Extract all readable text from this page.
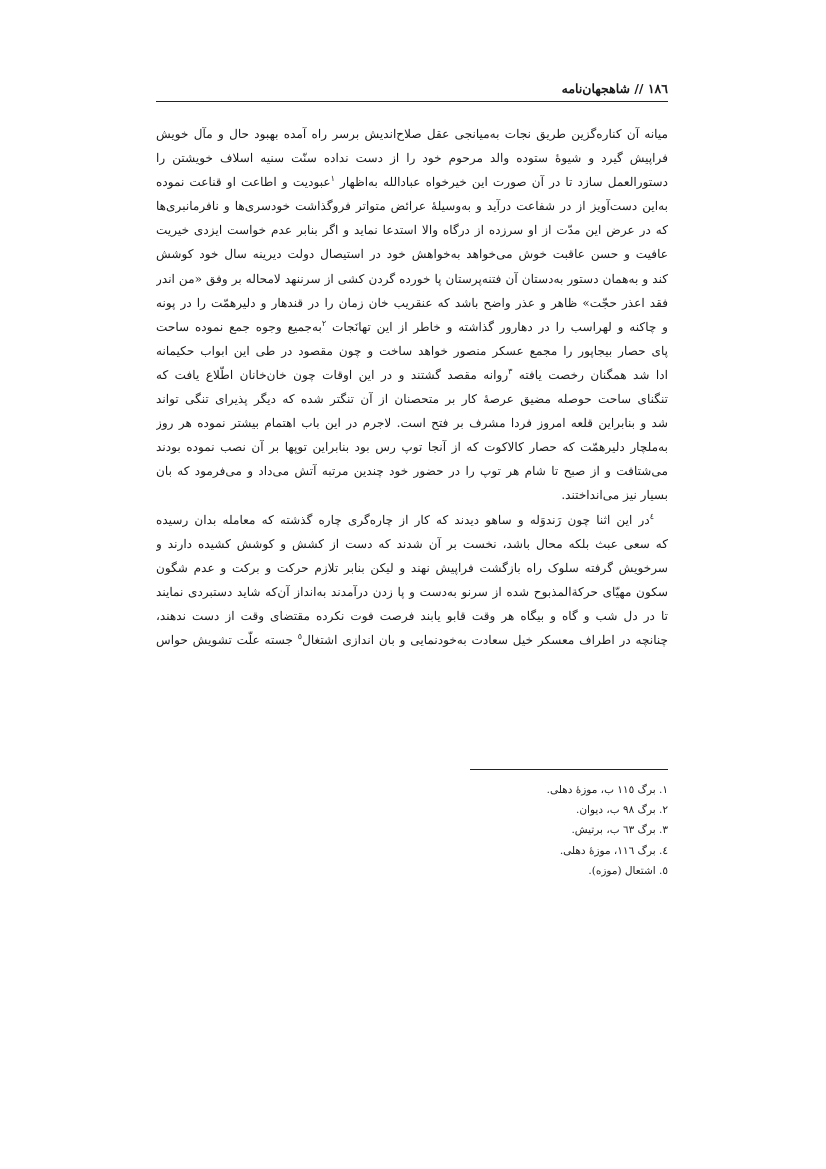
١٨٦ // شاهجهان‌نامه
میانه آن کناره‌گزین طریق نجات به‌میانجی عقل صلاح‌اندیش برسر راه آمده بهبود حال و مآل خویش
فراپیش گیرد و شیوهٔ ستوده والد مرحوم خود را از دست نداده سنّت سنیه اسلاف خویشتن را
دستورالعمل سازد تا در آن صورت این خیرخواه عبادالله به‌اظهار $^١$عبودیت و اطاعت او قناعت نموده
به‌این دست‌آویز از در شفاعت درآید و به‌وسیلهٔ عرائض متواتر فروگذاشت خودسری‌ها و نافرمانبری‌ها
که در عرض این مدّت از او سرزده از درگاه والا استدعا نماید و اگر بنابر عدم خواست ایزدی خیریت
عافیت و حسن عاقبت خوش می‌خواهد به‌خواهش خود در استیصال دولت دیرینه سال خود کوشش
کند و به‌همان دستور به‌دستان آن فتنه‌پرستان پا خورده گردن کشی از سرننهد لامحاله بر وفق «من اندر
فقد اعذر حجّت» ظاهر و عذر واضح باشد که عنقریب خان زمان را در قندهار و دلیرهمّت را در پونه
و چاکنه و لهراسب را در دهارور گذاشته و خاطر از این تهانَجات $^٢$به‌جمیع وجوه جمع نموده ساحت
پای حصار بیجاپور را مجمع عسکر منصور خواهد ساخت و چون مقصود در طی این ابواب حکیمانه
ادا شد همگنان رخصت یافته $^٣$روانه مقصد گشتند و در این اوقات چون خان‌خانان اطّلاع یافت که
تنگنای ساحت حوصله مضیق عرصهٔ کار بر متحصنان از آن تنگتر شده که دیگر پذیرای تنگی تواند
شد و بنابراین قلعه امروز فردا مشرف بر فتح است. لاجرم در این باب اهتمام بیشتر نموده هر روز
به‌ملچار دلیرهمّت که حصار کالاکوت که از آنجا توپ رس بود بنابراین توپها بر آن نصب نموده بودند
می‌شتافت و از صبح تا شام هر توپ را در حضور خود چندین مرتبه آتش می‌داد و می‌فرمود که بان
بسیار نیز می‌انداختند.
$^٤$در این اثنا چون رَندوَله و ساهو دیدند که کار از چاره‌گری چاره گذشته که معامله بدان رسیده
که سعی عبث بلکه محال باشد، نخست بر آن شدند که دست از کشش و کوشش کشیده دارند و
سرخویش گرفته سلوک راه بازگشت فراپیش نهند و لیکن بنابر تلازم حرکت و برکت و عدم شگون
سکون مهیّای حرکةالمذبوح شده از سرنو به‌دست و پا زدن درآمدند به‌انداز آن‌که شاید دستبردی نمایند
تا در دل شب و گاه و بیگاه هر وقت قابو یابند فرصت فوت نکرده مقتضای وقت از دست ندهند،
چنانچه در اطراف معسکر خیل سعادت به‌خودنمایی و بان اندازی اشتغال$^٥$ جسته علّت تشویش حواس
١. برگ ١١٥ ب، موزهٔ دهلی.
٢. برگ ٩٨ ب، دیوان.
٣. برگ ٦٣ ب، برتیش.
٤. برگ ١١٦، موزهٔ دهلی.
٥. اشتعال (موزه).
